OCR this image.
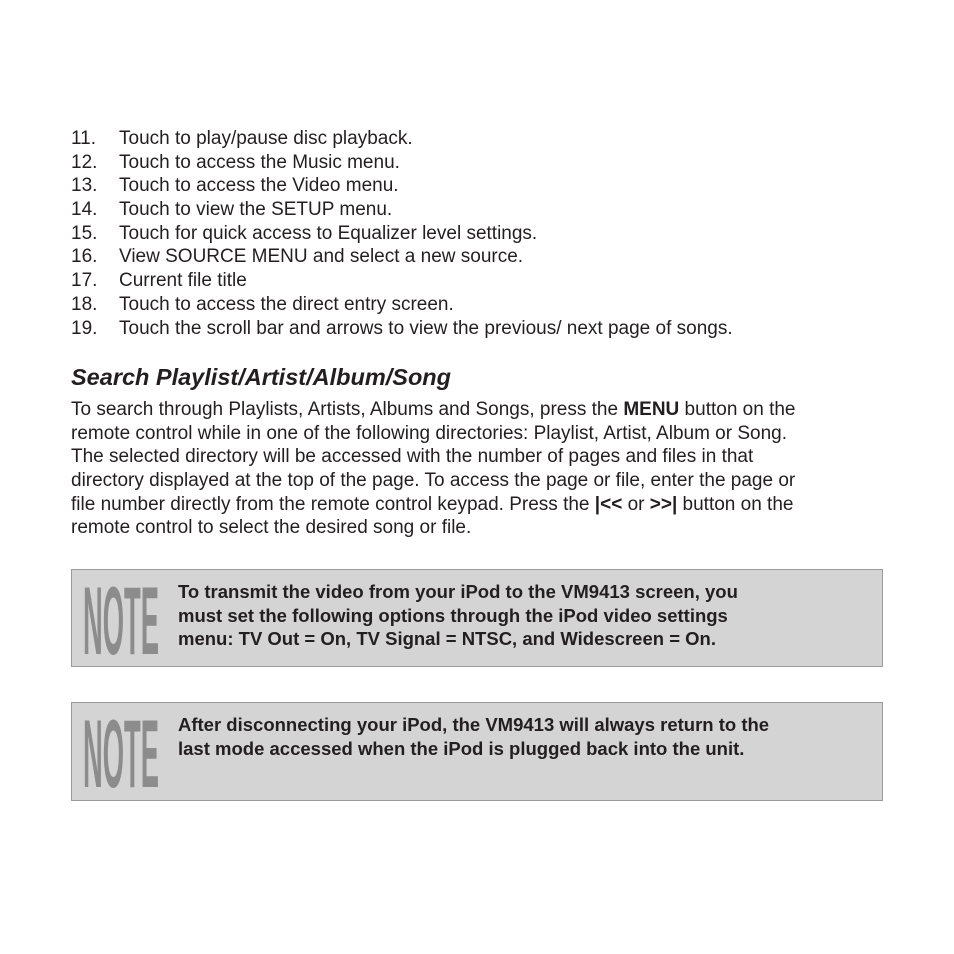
11. Touch to play/pause disc playback.
12. Touch to access the Music menu.
13. Touch to access the Video menu.
14. Touch to view the SETUP menu.
15. Touch for quick access to Equalizer level settings.
16. View SOURCE MENU and select a new source.
17. Current file title
18. Touch to access the direct entry screen.
19. Touch the scroll bar and arrows to view the previous/ next page of songs.
Search Playlist/Artist/Album/Song
To search through Playlists, Artists, Albums and Songs, press the MENU button on the
remote control while in one of the following directories: Playlist, Artist, Album or Song.
The selected directory will be accessed with the number of pages and files in that
directory displayed at the top of the page. To access the page or file, enter the page or
file number directly from the remote control keypad. Press the |<< or >>| button on the
remote control to select the desired song or file.
NOTE To transmit the video from your iPod to the VM9413 screen, you
must set the following options through the iPod video settings
menu: TV Out = On, TV Signal = NTSC, and Widescreen = On.
NOTE After disconnecting your iPod, the VM9413 will always return to the
last mode accessed when the iPod is plugged back into the unit.
